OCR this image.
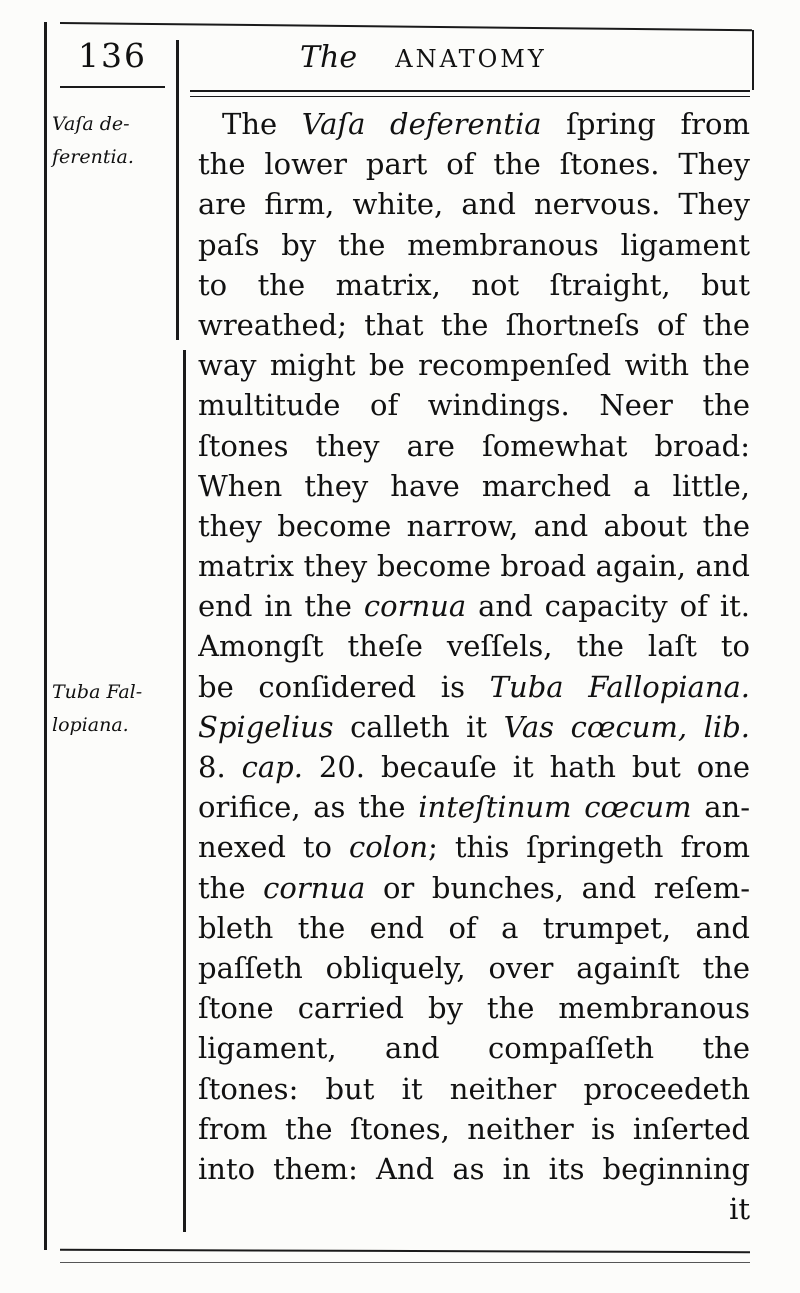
136	The ANATOMY
Vaſa de-
ferentia.
Tuba Fal-
lopiana.
The Vaſa deferentia ſpring from
the lower part of the ſtones. They
are firm, white, and nervous. They
paſs by the membranous ligament
to the matrix, not ſtraight, but
wreathed; that the ſhortneſs of the
way might be recompenſed with the
multitude of windings. Neer the
ſtones they are ſomewhat broad:
When they have marched a little,
they become narrow, and about the
matrix they become broad again, and
end in the cornua and capacity of it.
Amongſt theſe veſſels, the laſt to
be conſidered is Tuba Fallopiana.
Spigelius calleth it Vas cœcum, lib.
8. cap. 20. becauſe it hath but one
orifice, as the inteſtinum cœcum an-
nexed to colon; this ſpringeth from
the cornua or bunches, and reſem-
bleth the end of a trumpet, and
paſſeth obliquely, over againſt the
ſtone carried by the membranous
ligament, and compaſſeth the
ſtones: but it neither proceedeth
from the ſtones, neither is inſerted
into them: And as in its beginning
it
